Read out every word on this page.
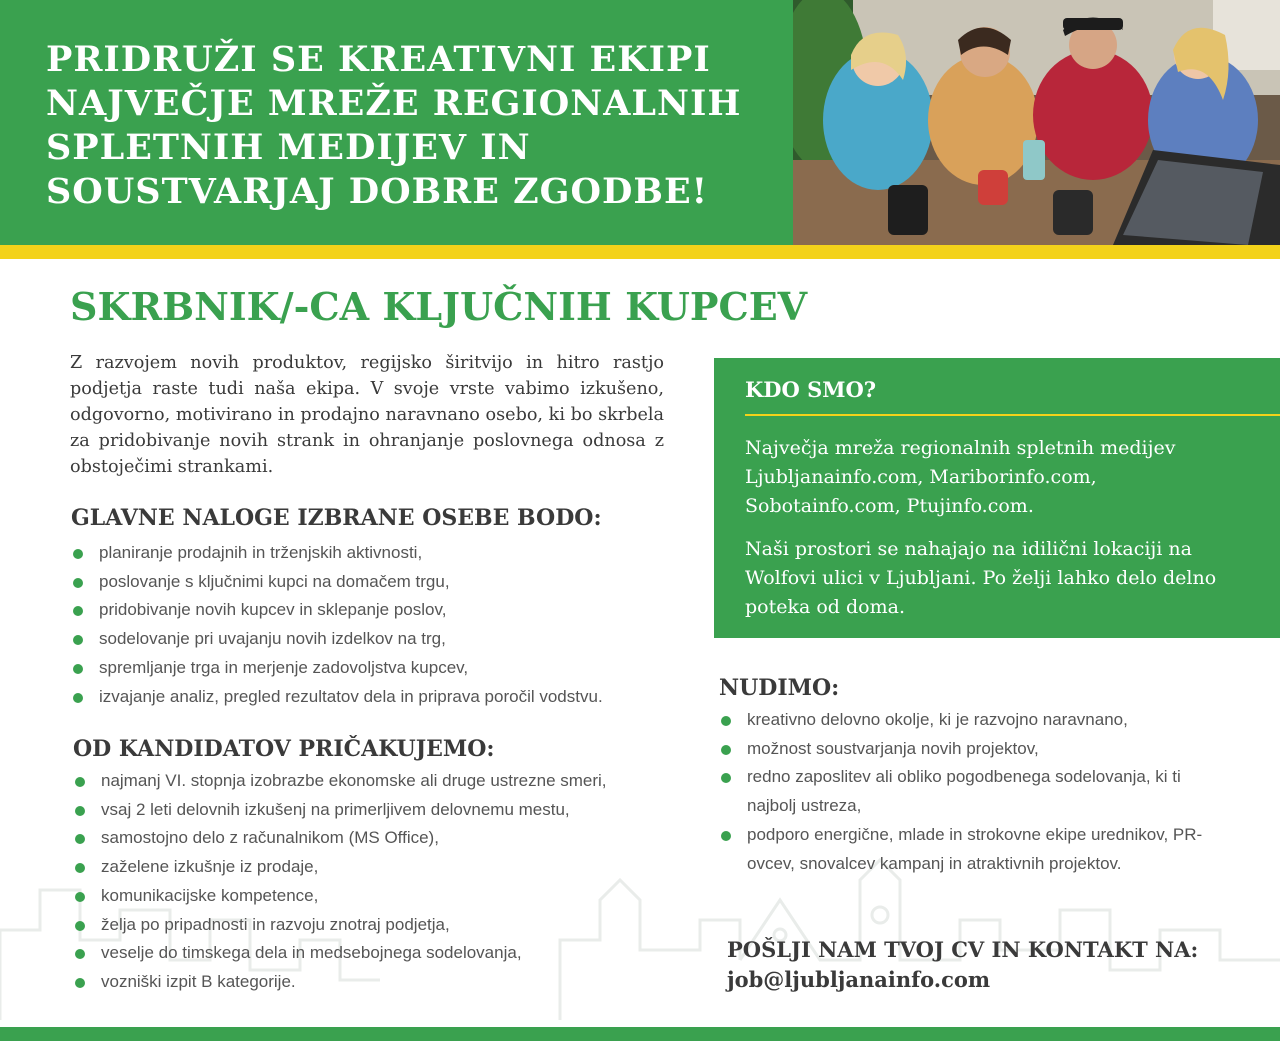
PRIDRUŽI SE KREATIVNI EKIPI NAJVEČJE MREŽE REGIONALNIH SPLETNIH MEDIJEV IN SOUSTVARJAJ DOBRE ZGODBE!
SKRBNIK/-CA KLJUČNIH KUPCEV

Z razvojem novih produktov, regijsko širitvijo in hitro rastjo podjetja raste tudi naša ekipa. V svoje vrste vabimo izkušeno, odgovorno, motivirano in prodajno naravnano osebo, ki bo skrbela za pridobivanje novih strank in ohranjanje poslovnega odnosa z obstoječimi strankami.

GLAVNE NALOGE IZBRANE OSEBE BODO:
planiranje prodajnih in trženjskih aktivnosti,
poslovanje s ključnimi kupci na domačem trgu,
pridobivanje novih kupcev in sklepanje poslov,
sodelovanje pri uvajanju novih izdelkov na trg,
spremljanje trga in merjenje zadovoljstva kupcev,
izvajanje analiz, pregled rezultatov dela in priprava poročil vodstvu.
OD KANDIDATOV PRIČAKUJEMO:
najmanj VI. stopnja izobrazbe ekonomske ali druge ustrezne smeri,
vsaj 2 leti delovnih izkušenj na primerljivem delovnemu mestu,
samostojno delo z računalnikom (MS Office),
zaželene izkušnje iz prodaje,
komunikacijske kompetence,
želja po pripadnosti in razvoju znotraj podjetja,
veselje do timskega dela in medsebojnega sodelovanja,
vozniški izpit B kategorije.
KDO SMO?

Največja mreža regionalnih spletnih medijev Ljubljanainfo.com, Mariborinfo.com, Sobotainfo.com, Ptujinfo.com.

Naši prostori se nahajajo na idilični lokaciji na Wolfovi ulici v Ljubljani. Po želji lahko delo delno poteka od doma.

NUDIMO:
kreativno delovno okolje, ki je razvojno naravnano,
možnost soustvarjanja novih projektov,
redno zaposlitev ali obliko pogodbenega sodelovanja, ki ti najbolj ustreza,
podporo energične, mlade in strokovne ekipe urednikov, PR-ovcev, snovalcev kampanj in atraktivnih projektov.

POŠLJI NAM TVOJ CV IN KONTAKT NA:

job@ljubljanainfo.com
